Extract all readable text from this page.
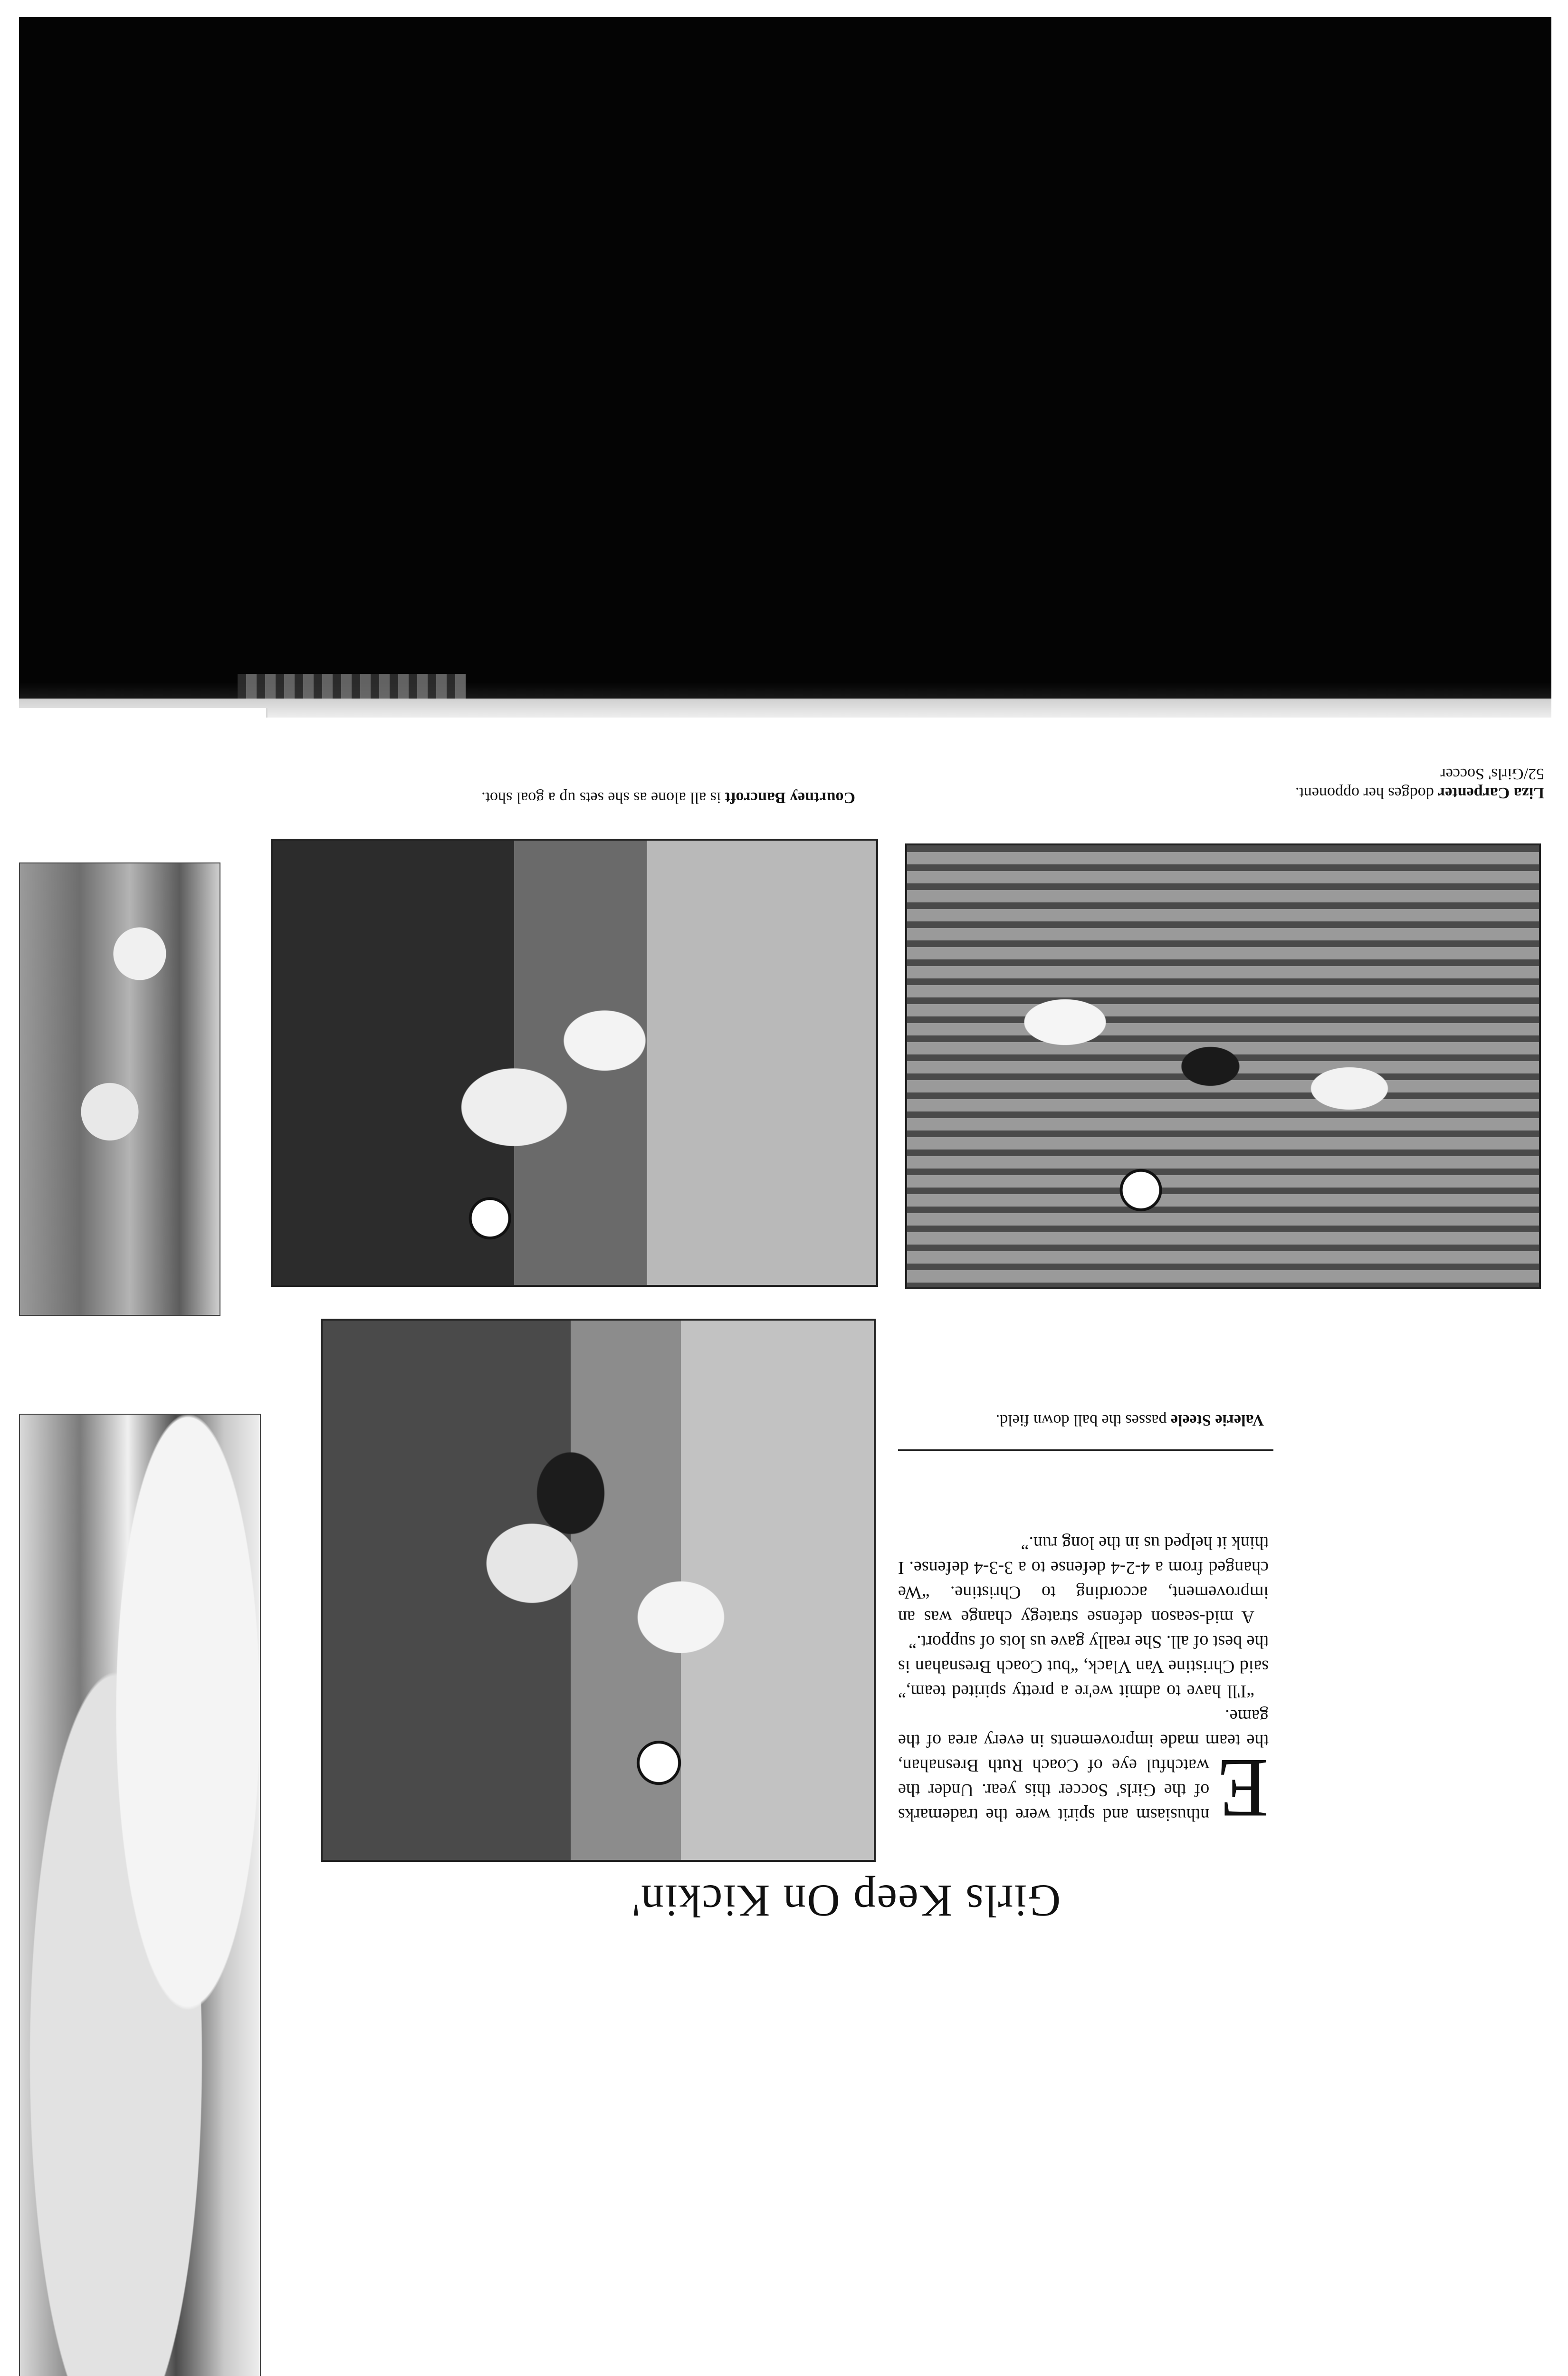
52/Girls' Soccer
Liza Carpenter dodges her opponent.
Courtney Bancroft is all alone as she sets up a goal shot.
Valerie Steele passes the ball down field.

E
nthusiasm and spirit were the trademarks of the Girls' Soccer this year. Under the watchful eye of Coach Ruth Bresnahan, the team made improvements in every area of the game.

“I'll have to admit we're a pretty spirited team,” said Christine Van Vlack, “but Coach Bresnahan is the best of all. She really gave us lots of support.”

A mid-season defense strategy change was an improvement, according to Christine. “We changed from a 4-2-4 defense to a 3-3-4 defense. I think it helped us in the long run.”

Girls Keep On Kickin'
